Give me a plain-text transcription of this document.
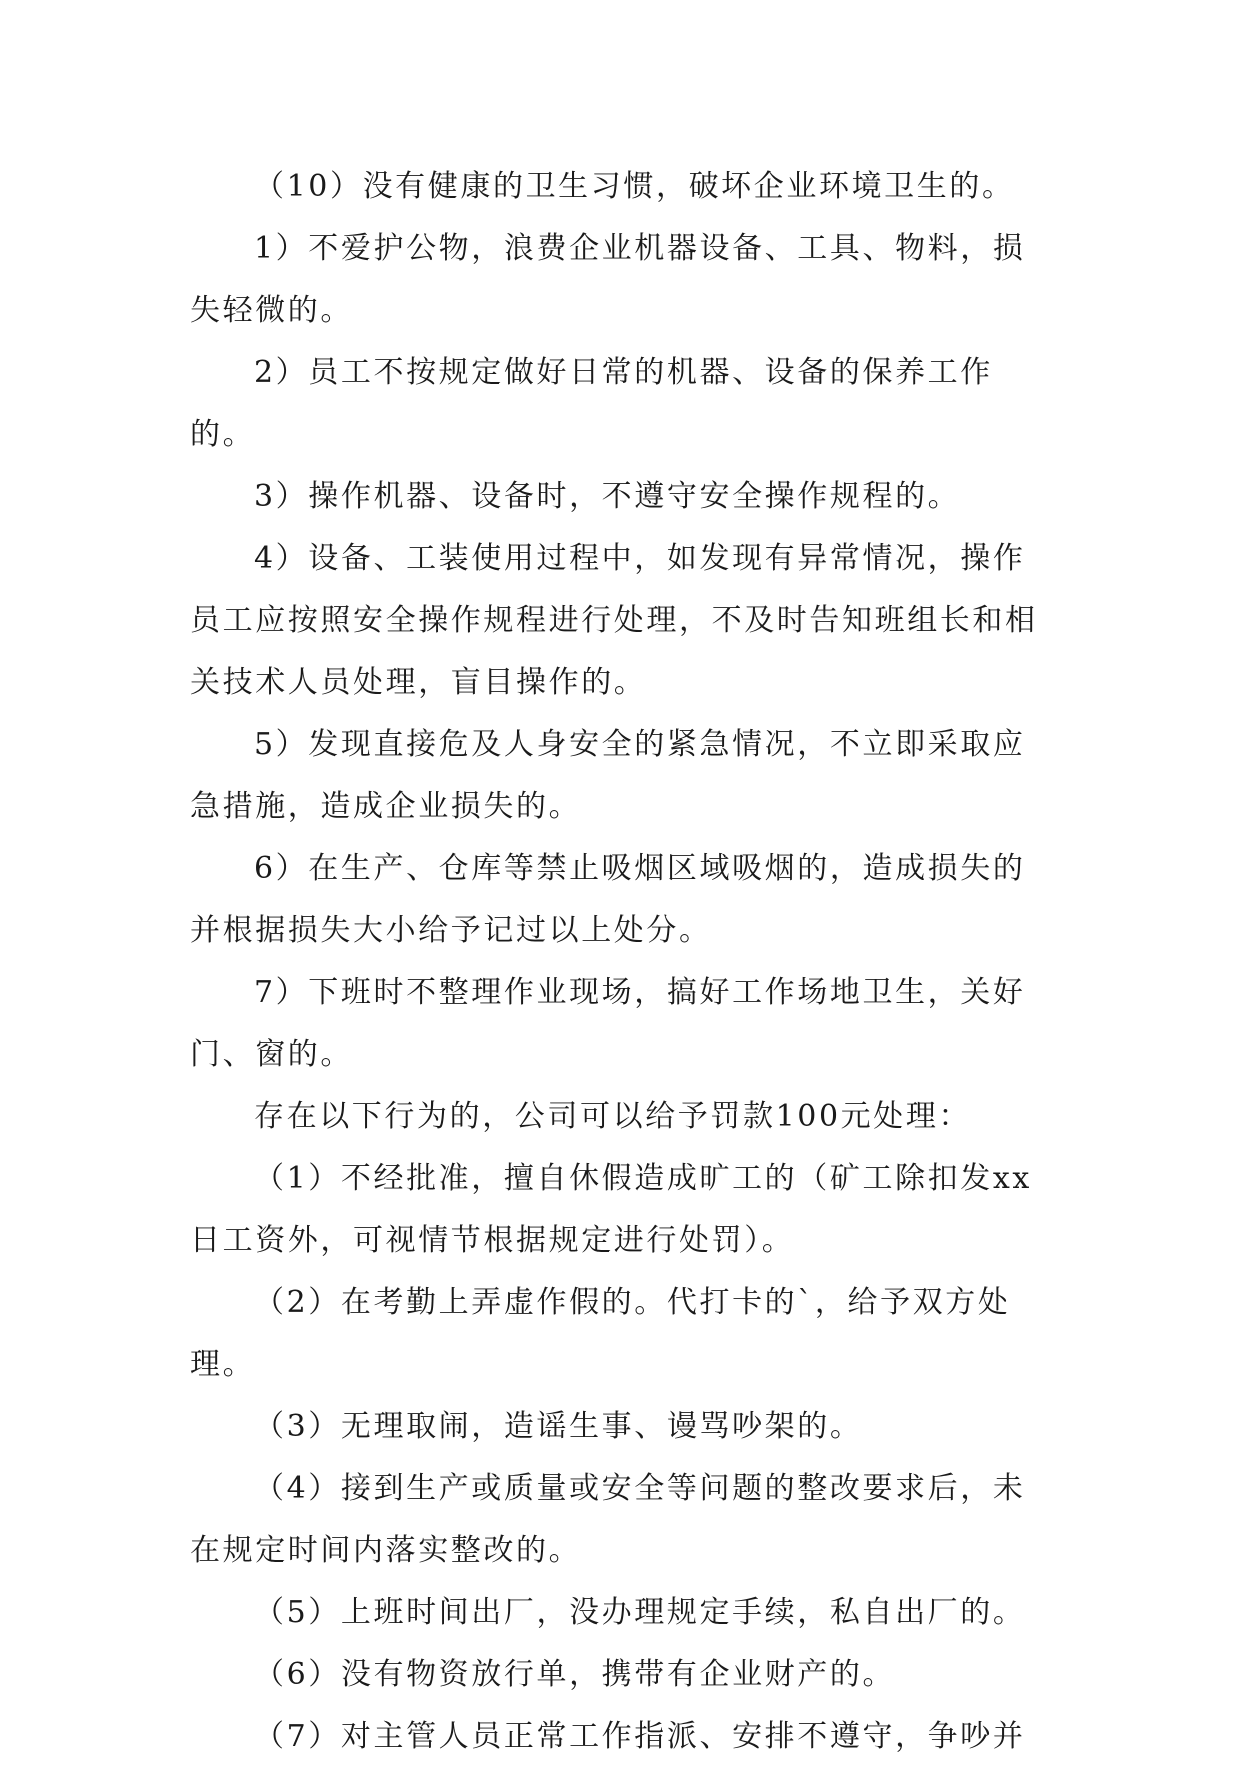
（10）没有健康的卫生习惯，破坏企业环境卫生的。

1）不爱护公物，浪费企业机器设备、工具、物料，损失轻微的。

2）员工不按规定做好日常的机器、设备的保养工作的。

3）操作机器、设备时，不遵守安全操作规程的。

4）设备、工装使用过程中，如发现有异常情况，操作员工应按照安全操作规程进行处理，不及时告知班组长和相关技术人员处理，盲目操作的。

5）发现直接危及人身安全的紧急情况，不立即采取应急措施，造成企业损失的。

6）在生产、仓库等禁止吸烟区域吸烟的，造成损失的并根据损失大小给予记过以上处分。

7）下班时不整理作业现场，搞好工作场地卫生，关好门、窗的。

存在以下行为的，公司可以给予罚款100元处理：

（1）不经批准，擅自休假造成旷工的（矿工除扣发xx日工资外，可视情节根据规定进行处罚）。

（2）在考勤上弄虚作假的。代打卡的`，给予双方处理。

（3）无理取闹，造谣生事、谩骂吵架的。

（4）接到生产或质量或安全等问题的整改要求后，未在规定时间内落实整改的。

（5）上班时间出厂，没办理规定手续，私自出厂的。

（6）没有物资放行单，携带有企业财产的。

（7）对主管人员正常工作指派、安排不遵守，争吵并
